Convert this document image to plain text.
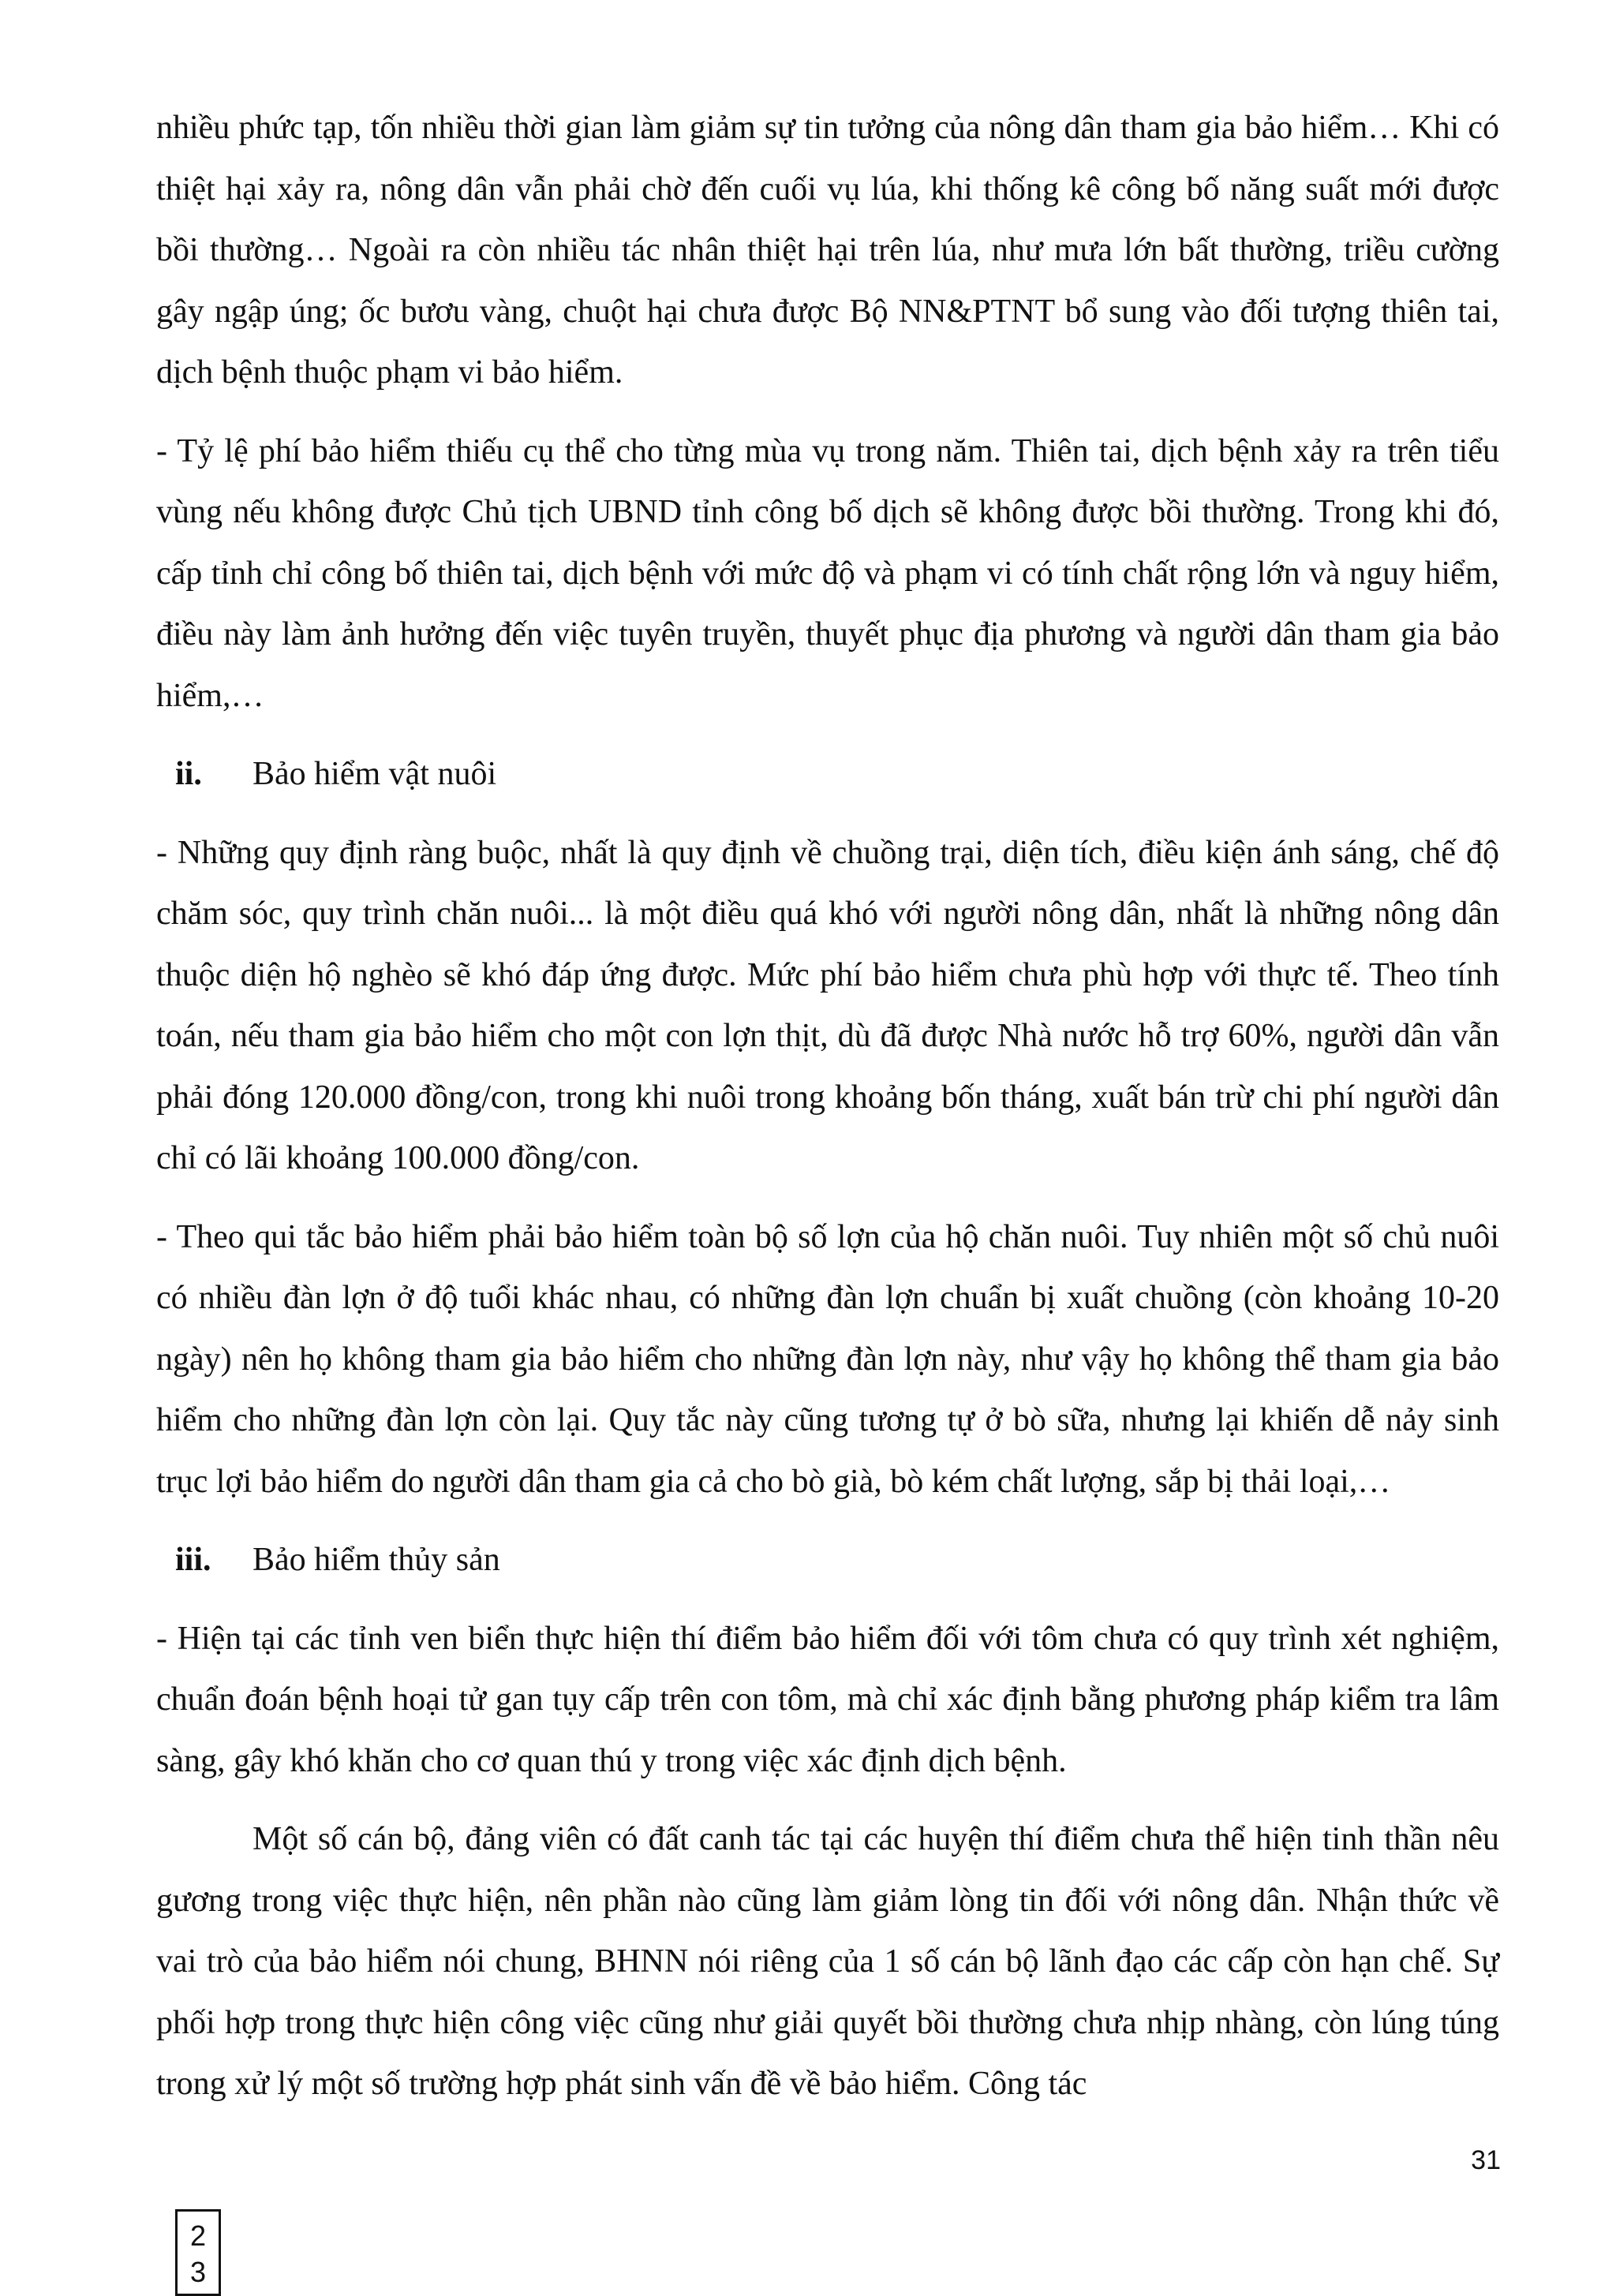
nhiều phức tạp, tốn nhiều thời gian làm giảm sự tin tưởng của nông dân tham gia bảo hiểm… Khi có thiệt hại xảy ra, nông dân vẫn phải chờ đến cuối vụ lúa, khi thống kê công bố năng suất mới được bồi thường… Ngoài ra còn nhiều tác nhân thiệt hại trên lúa, như mưa lớn bất thường, triều cường gây ngập úng; ốc bươu vàng, chuột hại chưa được Bộ NN&PTNT bổ sung vào đối tượng thiên tai, dịch bệnh thuộc phạm vi bảo hiểm.

- Tỷ lệ phí bảo hiểm thiếu cụ thể cho từng mùa vụ trong năm. Thiên tai, dịch bệnh xảy ra trên tiểu vùng nếu không được Chủ tịch UBND tỉnh công bố dịch sẽ không được bồi thường. Trong khi đó, cấp tỉnh chỉ công bố thiên tai, dịch bệnh với mức độ và phạm vi có tính chất rộng lớn và nguy hiểm, điều này làm ảnh hưởng đến việc tuyên truyền, thuyết phục địa phương và người dân tham gia bảo hiểm,…

ii.	Bảo hiểm vật nuôi

- Những quy định ràng buộc, nhất là quy định về chuồng trại, diện tích, điều kiện ánh sáng, chế độ chăm sóc, quy trình chăn nuôi... là một điều quá khó với người nông dân, nhất là những nông dân thuộc diện hộ nghèo sẽ khó đáp ứng được. Mức phí bảo hiểm chưa phù hợp với thực tế. Theo tính toán, nếu tham gia bảo hiểm cho một con lợn thịt, dù đã được Nhà nước hỗ trợ 60%, người dân vẫn phải đóng 120.000 đồng/con, trong khi nuôi trong khoảng bốn tháng, xuất bán trừ chi phí người dân chỉ có lãi khoảng 100.000 đồng/con.

- Theo qui tắc bảo hiểm phải bảo hiểm toàn bộ số lợn của hộ chăn nuôi. Tuy nhiên một số chủ nuôi có nhiều đàn lợn ở độ tuổi khác nhau, có những đàn lợn chuẩn bị xuất chuồng (còn khoảng 10-20 ngày) nên họ không tham gia bảo hiểm cho những đàn lợn này, như vậy họ không thể tham gia bảo hiểm cho những đàn lợn còn lại. Quy tắc này cũng tương tự ở bò sữa, nhưng lại khiến dễ nảy sinh trục lợi bảo hiểm do người dân tham gia cả cho bò già, bò kém chất lượng, sắp bị thải loại,…

iii.	Bảo hiểm thủy sản

- Hiện tại các tỉnh ven biển thực hiện thí điểm bảo hiểm đối với tôm chưa có quy trình xét nghiệm, chuẩn đoán bệnh hoại tử gan tụy cấp trên con tôm, mà chỉ xác định bằng phương pháp kiểm tra lâm sàng, gây khó khăn cho cơ quan thú y trong việc xác định dịch bệnh.

Một số cán bộ, đảng viên có đất canh tác tại các huyện thí điểm chưa thể hiện tinh thần nêu gương trong việc thực hiện, nên phần nào cũng làm giảm lòng tin đối với nông dân. Nhận thức về vai trò của bảo hiểm nói chung, BHNN nói riêng của 1 số cán bộ lãnh đạo các cấp còn hạn chế. Sự phối hợp trong thực hiện công việc cũng như giải quyết bồi thường chưa nhịp nhàng, còn lúng túng trong xử lý một số trường hợp phát sinh vấn đề về bảo hiểm. Công tác

31
2
3
